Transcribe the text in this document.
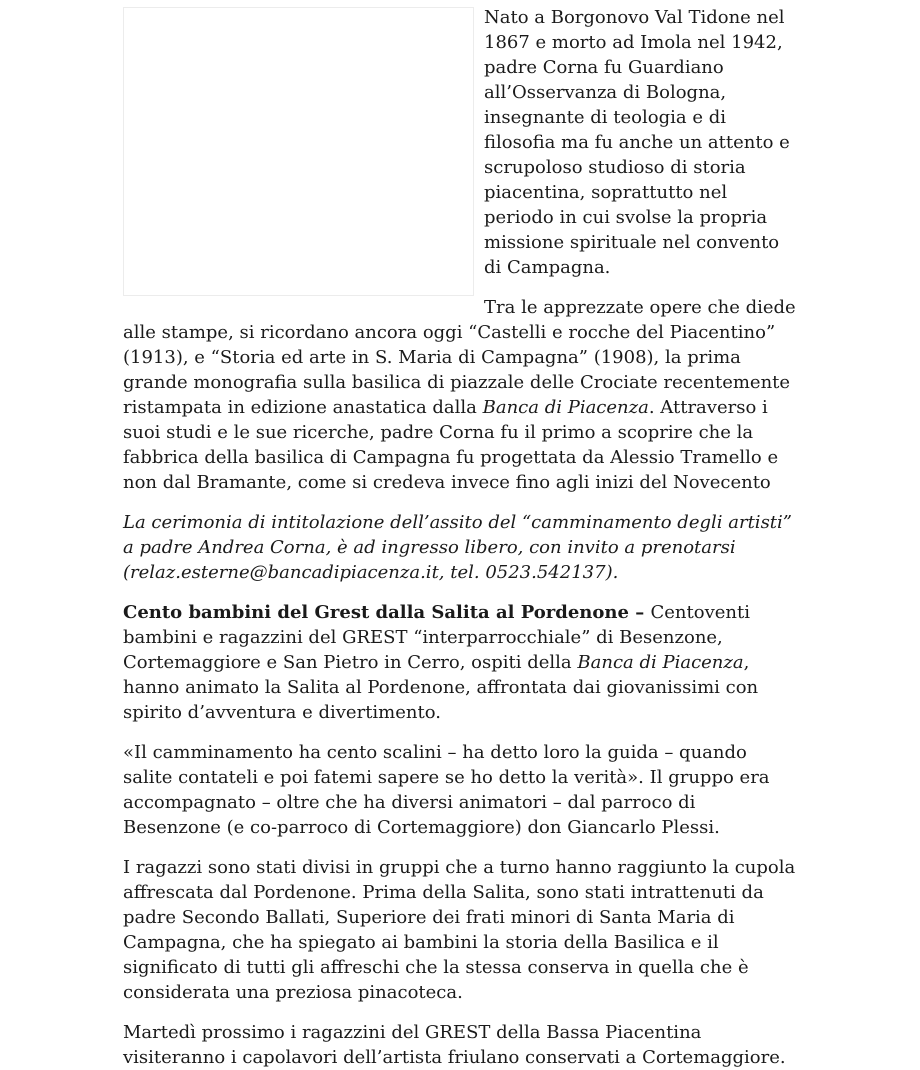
Nato a Borgonovo Val Tidone nel 1867 e morto ad Imola nel 1942, padre Corna fu Guardiano all’Osservanza di Bologna, insegnante di teologia e di filosofia ma fu anche un attento e scrupoloso studioso di storia piacentina, soprattutto nel periodo in cui svolse la propria missione spirituale nel convento di Campagna.

Tra le apprezzate opere che diede alle stampe, si ricordano ancora oggi “Castelli e rocche del Piacentino” (1913), e “Storia ed arte in S. Maria di Campagna” (1908), la prima grande monografia sulla basilica di piazzale delle Crociate recentemente ristampata in edizione anastatica dalla Banca di Piacenza. Attraverso i suoi studi e le sue ricerche, padre Corna fu il primo a scoprire che la fabbrica della basilica di Campagna fu progettata da Alessio Tramello e non dal Bramante, come si credeva invece fino agli inizi del Novecento

La cerimonia di intitolazione dell’assito del “camminamento degli artisti” a padre Andrea Corna, è ad ingresso libero, con invito a prenotarsi (relaz.esterne@bancadipiacenza.it, tel. 0523.542137).

Cento bambini del Grest dalla Salita al Pordenone – Centoventi bambini e ragazzini del GREST “interparrocchiale” di Besenzone, Cortemaggiore e San Pietro in Cerro, ospiti della Banca di Piacenza, hanno animato la Salita al Pordenone, affrontata dai giovanissimi con spirito d’avventura e divertimento.

«Il camminamento ha cento scalini – ha detto loro la guida – quando salite contateli e poi fatemi sapere se ho detto la verità». Il gruppo era accompagnato – oltre che ha diversi animatori – dal parroco di Besenzone (e co-parroco di Cortemaggiore) don Giancarlo Plessi.

I ragazzi sono stati divisi in gruppi che a turno hanno raggiunto la cupola affrescata dal Pordenone. Prima della Salita, sono stati intrattenuti da padre Secondo Ballati, Superiore dei frati minori di Santa Maria di Campagna, che ha spiegato ai bambini la storia della Basilica e il significato di tutti gli affreschi che la stessa conserva in quella che è considerata una preziosa pinacoteca.

Martedì prossimo i ragazzini del GREST della Bassa Piacentina visiteranno i capolavori dell’artista friulano conservati a Cortemaggiore.
